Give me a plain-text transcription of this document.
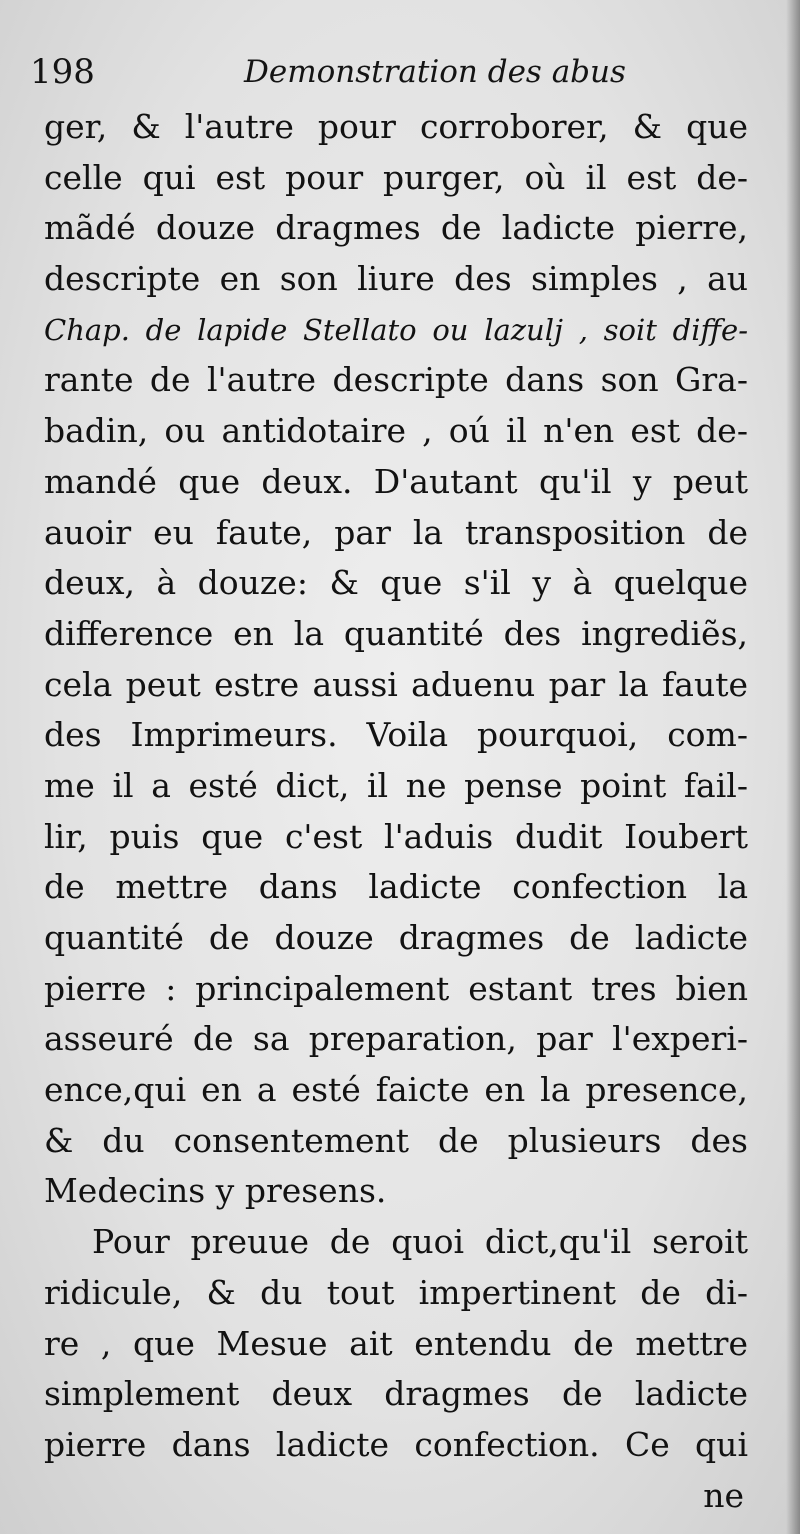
198	Demonstration des abus
ger, & l'autre pour corroborer, & que
celle qui est pour purger, où il est de-
mãdé douze dragmes de ladicte pierre,
descripte en son liure des simples , au
Chap. de lapide Stellato ou lazulj , soit diffe-
rante de l'autre descripte dans son Gra-
badin, ou antidotaire , oú il n'en est de-
mandé que deux. D'autant qu'il y peut
auoir eu faute, par la transposition de
deux, à douze: & que s'il y à quelque
difference en la quantité des ingrediẽs,
cela peut estre aussi aduenu par la faute
des Imprimeurs. Voila pourquoi, com-
me il a esté dict, il ne pense point fail-
lir, puis que c'est l'aduis dudit Ioubert
de mettre dans ladicte confection la
quantité de douze dragmes de ladicte
pierre : principalement estant tres bien
asseuré de sa preparation, par l'experi-
ence,qui en a esté faicte en la presence,
& du consentement de plusieurs des
Medecins y presens.
Pour preuue de quoi dict,qu'il seroit
ridicule, & du tout impertinent de di-
re , que Mesue ait entendu de mettre
simplement deux dragmes de ladicte
pierre dans ladicte confection. Ce qui
ne
